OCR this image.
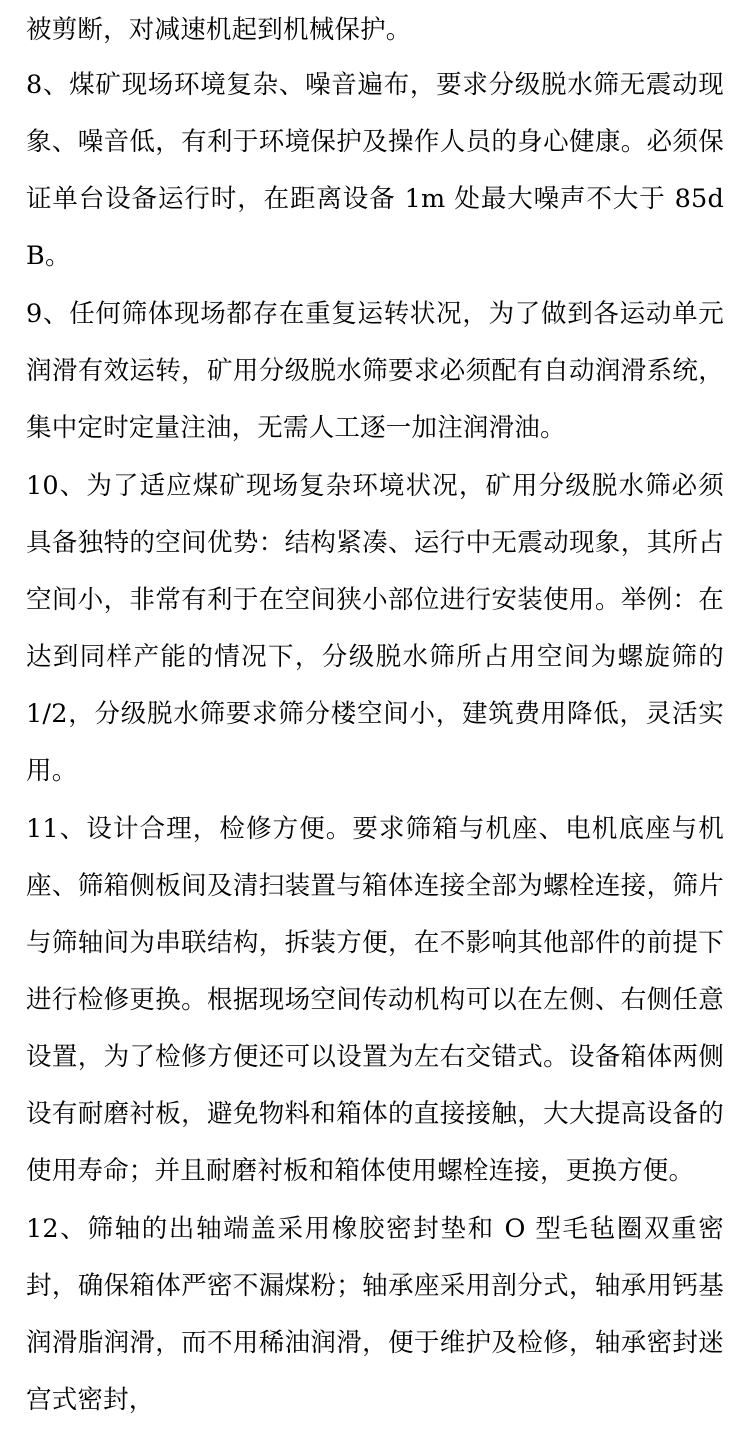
被剪断，对减速机起到机械保护。

8、煤矿现场环境复杂、噪音遍布，要求分级脱水筛无震动现象、噪音低，有利于环境保护及操作人员的身心健康。必须保证单台设备运行时，在距离设备 1m 处最大噪声不大于 85dB。

9、任何筛体现场都存在重复运转状况，为了做到各运动单元润滑有效运转，矿用分级脱水筛要求必须配有自动润滑系统，集中定时定量注油，无需人工逐一加注润滑油。

10、为了适应煤矿现场复杂环境状况，矿用分级脱水筛必须具备独特的空间优势：结构紧凑、运行中无震动现象，其所占空间小，非常有利于在空间狭小部位进行安装使用。举例：在达到同样产能的情况下，分级脱水筛所占用空间为螺旋筛的 1/2，分级脱水筛要求筛分楼空间小，建筑费用降低，灵活实用。

11、设计合理，检修方便。要求筛箱与机座、电机底座与机座、筛箱侧板间及清扫装置与箱体连接全部为螺栓连接，筛片与筛轴间为串联结构，拆装方便，在不影响其他部件的前提下进行检修更换。根据现场空间传动机构可以在左侧、右侧任意设置，为了检修方便还可以设置为左右交错式。设备箱体两侧设有耐磨衬板，避免物料和箱体的直接接触，大大提高设备的使用寿命；并且耐磨衬板和箱体使用螺栓连接，更换方便。

12、筛轴的出轴端盖采用橡胶密封垫和 O 型毛毡圈双重密封，确保箱体严密不漏煤粉；轴承座采用剖分式，轴承用钙基润滑脂润滑，而不用稀油润滑，便于维护及检修，轴承密封迷宫式密封，
